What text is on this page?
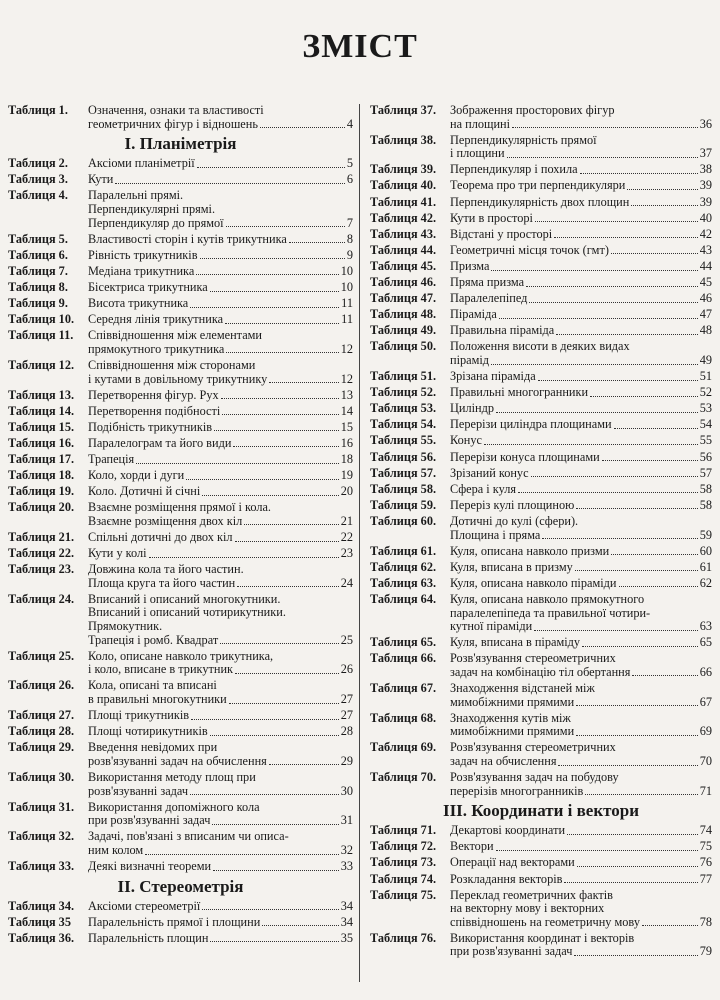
ЗМІСТ
Таблиця 1.	Означення, ознаки та властивості
геометричних фігур і відношень	4
І. Планіметрія
Таблиця 2.	Аксіоми планіметрії	5
Таблиця 3.	Кути	6
Таблиця 4.	Паралельні прямі.
Перпендикулярні прямі.
Перпендикуляр до прямої	7
Таблиця 5.	Властивості сторін і кутів трикутника	8
Таблиця 6.	Рівність трикутників	9
Таблиця 7.	Медіана трикутника	10
Таблиця 8.	Бісектриса трикутника	10
Таблиця 9.	Висота трикутника	11
Таблиця 10.	Середня лінія трикутника	11
Таблиця 11.	Співвідношення між елементами
прямокутного трикутника	12
Таблиця 12.	Співвідношення між сторонами
і кутами в довільному трикутнику	12
Таблиця 13.	Перетворення фігур. Рух	13
Таблиця 14.	Перетворення подібності	14
Таблиця 15.	Подібність трикутників	15
Таблиця 16.	Паралелограм та його види	16
Таблиця 17.	Трапеція	18
Таблиця 18.	Коло, хорди і дуги	19
Таблиця 19.	Коло. Дотичні й січні	20
Таблиця 20.	Взаємне розміщення прямої і кола.
Взаємне розміщення двох кіл	21
Таблиця 21.	Спільні дотичні до двох кіл	22
Таблиця 22.	Кути у колі	23
Таблиця 23.	Довжина кола та його частин.
Площа круга та його частин	24
Таблиця 24.	Вписаний і описаний многокутники.
Вписаний і описаний чотирикутники.
Прямокутник.
Трапеція і ромб. Квадрат	25
Таблиця 25.	Коло, описане навколо трикутника,
і коло, вписане в трикутник	26
Таблиця 26.	Кола, описані та вписані
в правильні многокутники	27
Таблиця 27.	Площі трикутників	27
Таблиця 28.	Площі чотирикутників	28
Таблиця 29.	Введення невідомих при
розв'язуванні задач на обчислення	29
Таблиця 30.	Використання методу площ при
розв'язуванні задач	30
Таблиця 31.	Використання допоміжного кола
при розв'язуванні задач	31
Таблиця 32.	Задачі, пов'язані з вписаним чи описа-
ним колом	32
Таблиця 33.	Деякі визначні теореми	33
II. Стереометрія
Таблиця 34.	Аксіоми стереометрії	34
Таблиця 35	Паралельність прямої і площини	34
Таблиця 36.	Паралельність площин	35
Таблиця 37.	Зображення просторових фігур
на площині	36
Таблиця 38.	Перпендикулярність прямої
і площини	37
Таблиця 39.	Перпендикуляр і похила	38
Таблиця 40.	Теорема про три перпендикуляри	39
Таблиця 41.	Перпендикулярність двох площин	39
Таблиця 42.	Кути в просторі	40
Таблиця 43.	Відстані у просторі	42
Таблиця 44.	Геометричні місця точок (гмт)	43
Таблиця 45.	Призма	44
Таблиця 46.	Пряма призма	45
Таблиця 47.	Паралелепіпед	46
Таблиця 48.	Піраміда	47
Таблиця 49.	Правильна піраміда	48
Таблиця 50.	Положення висоти в деяких видах
пірамід	49
Таблиця 51.	Зрізана піраміда	51
Таблиця 52.	Правильні многогранники	52
Таблиця 53.	Циліндр	53
Таблиця 54.	Перерізи циліндра площинами	54
Таблиця 55.	Конус	55
Таблиця 56.	Перерізи конуса площинами	56
Таблиця 57.	Зрізаний конус	57
Таблиця 58.	Сфера і куля	58
Таблиця 59.	Переріз кулі площиною	58
Таблиця 60.	Дотичні до кулі (сфери).
Площина і пряма	59
Таблиця 61.	Куля, описана навколо призми	60
Таблиця 62.	Куля, вписана в призму	61
Таблиця 63.	Куля, описана навколо піраміди	62
Таблиця 64.	Куля, описана навколо прямокутного
паралелепіпеда та правильної чотири-
кутної піраміди	63
Таблиця 65.	Куля, вписана в піраміду	65
Таблиця 66.	Розв'язування стереометричних
задач на комбінацію тіл обертання	66
Таблиця 67.	Знаходження відстаней між
мимобіжними прямими	67
Таблиця 68.	Знаходження кутів між
мимобіжними прямими	69
Таблиця 69.	Розв'язування стереометричних
задач на обчислення	70
Таблиця 70.	Розв'язування задач на побудову
перерізів многогранників	71
III. Координати і вектори
Таблиця 71.	Декартові координати	74
Таблиця 72.	Вектори	75
Таблиця 73.	Операції над векторами	76
Таблиця 74.	Розкладання векторів	77
Таблиця 75.	Переклад геометричних фактів
на векторну мову і векторних
співвідношень на геометричну мову	78
Таблиця 76.	Використання координат і векторів
при розв'язуванні задач	79
